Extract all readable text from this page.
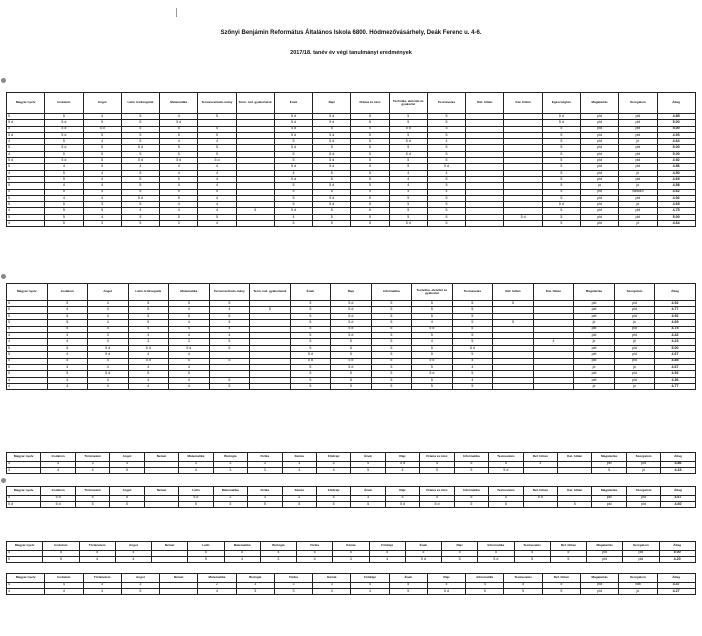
Szőnyi Benjámin Református Általános Iskola 6800. Hódmezővásárhely, Deák Ferenc u. 4-6.
2017/18. tanév év végi tanulmányi eredmények
Magyar nyelv	Irodalom	Angol	Latin örökségünk	Matematika	Természettudo-mány	Term. tud. gyakorlatok	Ének	Rajz	Dráma és tánc	Technika, életvitel és gyakorlat	Testnevelés	Ref. hittan	Kat. hittan	Egészségtan	Magatartás	Szorgalom	Átlag
5	5	4	5	4	5		5 d	5 d	5	5	5			5 d	pld	pld	4.85
5 d	5 d	5	5	5 d			5 d	5 d	5	5	5			5 d	pld	pld	5.00
5	5 d	5 d	5	5	5		5 d	5	5	5 d	5			5	pld	pld	5.00
5 d	5 d	5	5	5	5		5 d	5 d	5	5	5			5	pld	pld	4.93
4	5	4	5	4	4		5	5 d	5	5 d	4			5	pld	jó	4.64
5	5 d	5	5 d	5	5		5 d	5	5	5	5			5	pld	pld	5.00
4	5	5	5	5	5		5	5 d	5	5 d	5			5	pld	pld	5.00
5 d	5 d	5	5 d	5 d	5 d		5	5 d	5	5	5			5	pld	pld	4.92
5	4	5	4	4	4		5 d	5 d	5	5	5 d			5	pld	pld	4.86
4	5	4	5	4	4		4	5	5	4	4			5	pld	jó	4.50
5	5	4	5	5	4		5 d	5	5	4	5			5	pld	pld	4.69
5	4	4	5	4	4		5	5 d	5	4	5			5	jó	jó	4.58
4	5	4	5	5	5		5	5	5	4	4			5	pld	változó	4.62
5	4	4	5 d	5	4		5	5 d	5	5	5			5	pld	pld	4.92
5	5	3	5	4	4		5	5 d	5	5	5			5 d	pld	jó	4.69
4	5	5	4	4	4	5	5 d	5	5	5	5			5	pld	pld	4.75
5	5	4	5	5	5		4	5	5	5	5		5 d	5	pld	pld	5.00
4	5	3	5	3	4		5	5	5	5 d	5			5	pld	jó	4.64
Magyar nyelv	Irodalom	Angol	Latin örökségünk	Matematika	Természettudo-mány	Term. tud. gyakorlatok	Ének	Rajz	Informatika	Technika, életvitel és gyakorlat	Testnevelés	Ref. hittan	Kat. hittan	Magatartás	Szorgalom	Átlag
5	5	4	5	5	5		5	5 d	5	5	5	5		pld	pld	4.92
5	4	4	5	4	4	5	5	5 d	5	5	5			pld	pld	4.77
5	5	4	5	5	5		5	5 d	5	5	5			pld	pld	4.92
5	5	4	5	4	5		5	5 d	5	4	5	5		jó	jó	4.69
5	5	4	5	4	4		5	5 d	5	5 d	5			pld	pld	4.75
4	4	3	4	4	4		5	5 d	5	5	5			pld	pld	4.42
4	4	4	3	3	5		5	5	5	4	5		4	jó	jó	4.23
5	5	5 d	5 d	5 d	5		5	5	5	5	5 d			pld	pld	5.00
5	4	5 d	4	4			5 d	5	5	5	5			pld	pld	4.67
5	5	4	5 d	5	5		5 d	5 d	5	5 d	4			pld	pld	4.85
5	4	4	4	4			5	5 d	5	5	4			jó	jó	4.67
5	5	5 d	5	5			5	5	5	5 d	5			pld	pld	4.92
4	4	4	4	4	5		5	5	5	5	4			pld	pld	4.36
4	4	4	4	4	5		5	5	5	5	5			jó	jó	4.77
Magyar nyelv	Irodalom	Történelem	Angol	Német	Matematika	Biológia	Fizika	Kémia	Földrajz	Ének	Rajz	Dráma és tánc	Informatika	Testnevelés	Ref. hittan	Kat. hittan	Magatartás	Szorgalom	Átlag
4	4	3	4		3	3	3	3	4	5	5 d	4	5	5	3		pld	pld	3.86
3	4	4	5		4	3	3	4	4	5	4	5	5	5 d			5	jó	4.23
Magyar nyelv	Irodalom	Történelem	Angol	Német	Latin	Matematika	Fizika	Kémia	Földrajz	Ének	Rajz	Dráma és tánc	Informatika	Testnevelés	Ref. hittan	Kat. hittan	Magatartás	Szorgalom	Átlag
5	5 d	5	5		5 d	2	3	2	4	3	5	4	5	4	5 d		pld	pld	4.67
5 d	5 d	5	5		5	5	5	5	5	5	5 d	5 d	5	5		5	pld	pld	4.60
Magyar nyelv	Irodalom	Történelem	Angol	Német	Latin	Matematika	Biológia	Fizika	Kémia	Földrajz	Ének	Rajz	Informatika	Testnevelés	Ref. hittan	Magatartás	Szorgalom	Átlag
5	5	5	4		5	5	4	5	5	5	5	5	5	5	5	pld	pld	5.00
5	5	4	4		5	4	3	4	3	4	5 d	5	5 d	5	5	pld	pld	4.20
Magyar nyelv	Irodalom	Történelem	Angol	Német	Matematika	Biológia	Fizika	Kémia	Földrajz	Ének	Rajz	Informatika	Testnevelés	Ref. hittan	Magatartás	Szorgalom	Átlag
4	4	3	3		2	3	3	3	4	5	4	4	5	5	pld	vált	3.47
4	4	4	5		4	3	3	4	4	5	5 d	5	5	5	pld	jó	4.27
